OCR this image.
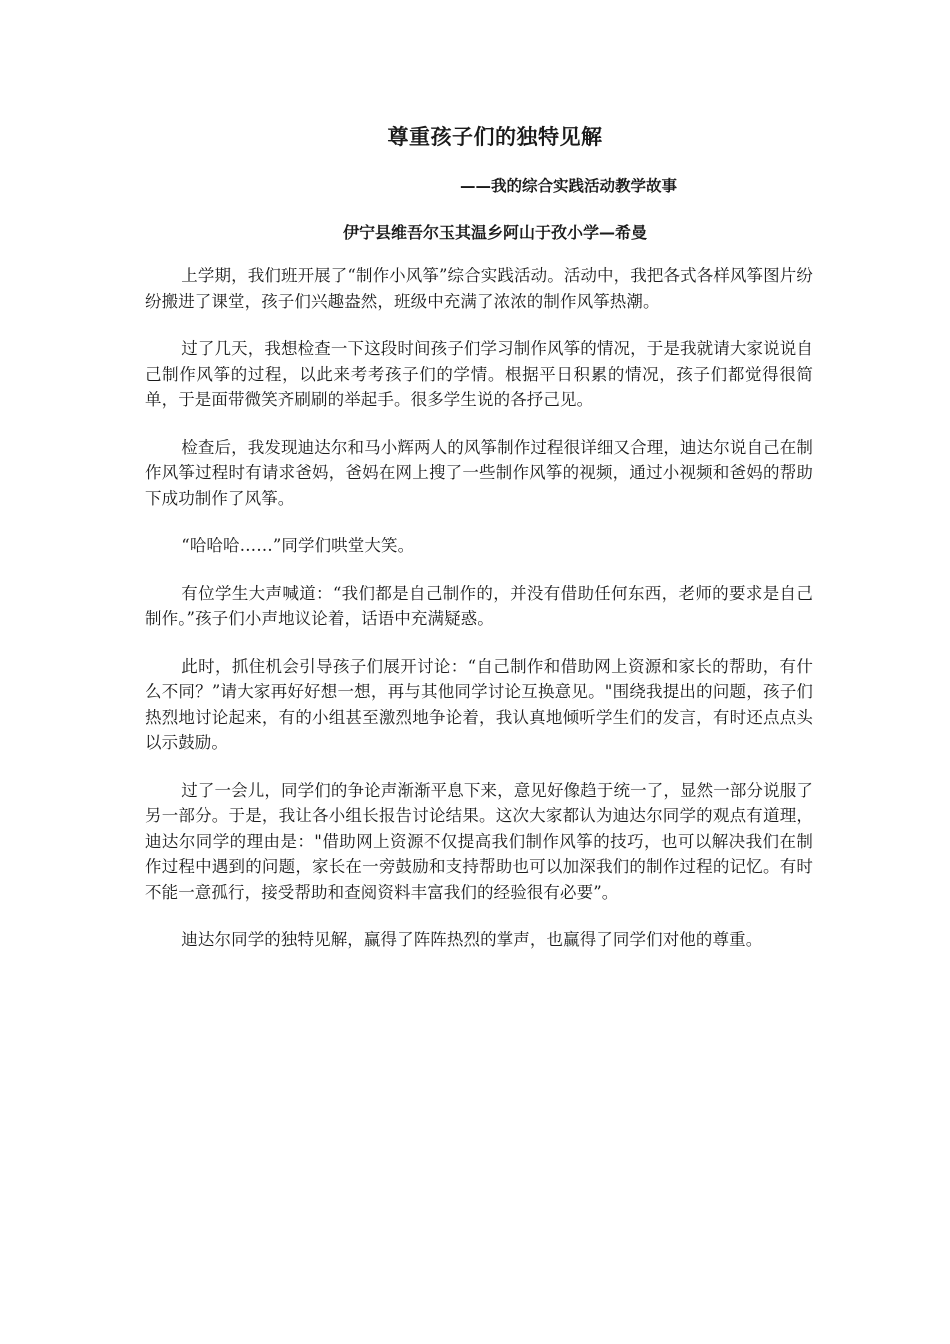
尊重孩子们的独特见解

——我的综合实践活动教学故事

伊宁县维吾尔玉其温乡阿山于孜小学—希曼

上学期，我们班开展了“制作小风筝”综合实践活动。活动中，我把各式各样风筝图片纷纷搬进了课堂，孩子们兴趣盎然，班级中充满了浓浓的制作风筝热潮。

过了几天，我想检查一下这段时间孩子们学习制作风筝的情况，于是我就请大家说说自己制作风筝的过程，以此来考考孩子们的学情。根据平日积累的情况，孩子们都觉得很简单，于是面带微笑齐刷刷的举起手。很多学生说的各抒己见。

检查后，我发现迪达尔和马小辉两人的风筝制作过程很详细又合理，迪达尔说自己在制作风筝过程时有请求爸妈，爸妈在网上搜了一些制作风筝的视频，通过小视频和爸妈的帮助下成功制作了风筝。

“哈哈哈……”同学们哄堂大笑。

有位学生大声喊道：“我们都是自己制作的，并没有借助任何东西，老师的要求是自己制作。”孩子们小声地议论着，话语中充满疑惑。

此时，抓住机会引导孩子们展开讨论：“自己制作和借助网上资源和家长的帮助，有什么不同？”请大家再好好想一想，再与其他同学讨论互换意见。"围绕我提出的问题，孩子们热烈地讨论起来，有的小组甚至激烈地争论着，我认真地倾听学生们的发言，有时还点点头以示鼓励。

过了一会儿，同学们的争论声渐渐平息下来，意见好像趋于统一了，显然一部分说服了另一部分。于是，我让各小组长报告讨论结果。这次大家都认为迪达尔同学的观点有道理，迪达尔同学的理由是："借助网上资源不仅提高我们制作风筝的技巧，也可以解决我们在制作过程中遇到的问题，家长在一旁鼓励和支持帮助也可以加深我们的制作过程的记忆。有时不能一意孤行，接受帮助和查阅资料丰富我们的经验很有必要”。

迪达尔同学的独特见解，赢得了阵阵热烈的掌声，也赢得了同学们对他的尊重。
